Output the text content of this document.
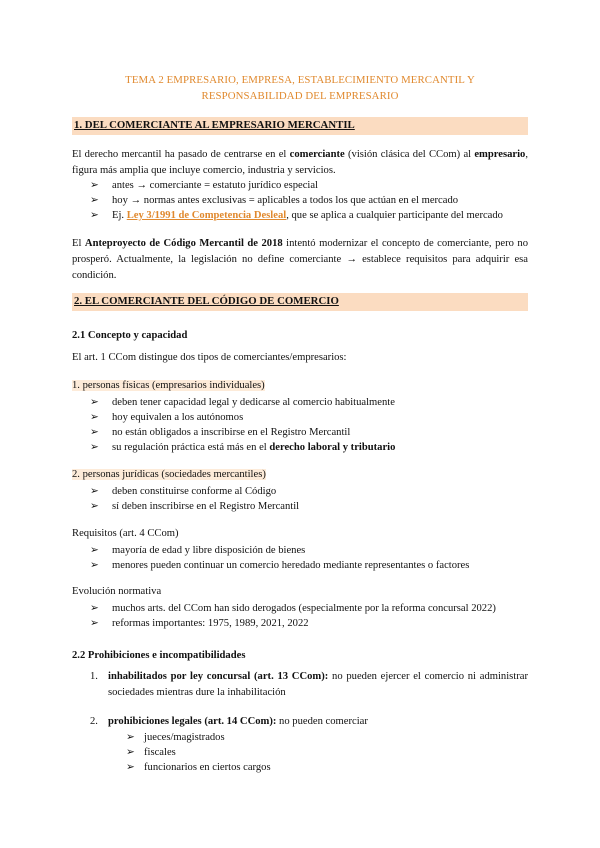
TEMA 2 EMPRESARIO, EMPRESA, ESTABLECIMIENTO MERCANTIL Y
RESPONSABILIDAD DEL EMPRESARIO
1. DEL COMERCIANTE AL EMPRESARIO MERCANTIL
El derecho mercantil ha pasado de centrarse en el comerciante (visión clásica del CCom) al empresario, figura más amplia que incluye comercio, industria y servicios.
➢ antes → comerciante = estatuto jurídico especial
➢ hoy → normas antes exclusivas = aplicables a todos los que actúan en el mercado
➢ Ej. Ley 3/1991 de Competencia Desleal, que se aplica a cualquier participante del mercado
El Anteproyecto de Código Mercantil de 2018 intentó modernizar el concepto de comerciante, pero no prosperó. Actualmente, la legislación no define comerciante → establece requisitos para adquirir esa condición.
2. EL COMERCIANTE DEL CÓDIGO DE COMERCIO
2.1 Concepto y capacidad
El art. 1 CCom distingue dos tipos de comerciantes/empresarios:
1. personas físicas (empresarios individuales)
➢ deben tener capacidad legal y dedicarse al comercio habitualmente
➢ hoy equivalen a los autónomos
➢ no están obligados a inscribirse en el Registro Mercantil
➢ su regulación práctica está más en el derecho laboral y tributario
2. personas jurídicas (sociedades mercantiles)
➢ deben constituirse conforme al Código
➢ sí deben inscribirse en el Registro Mercantil
Requisitos (art. 4 CCom)
➢ mayoría de edad y libre disposición de bienes
➢ menores pueden continuar un comercio heredado mediante representantes o factores
Evolución normativa
➢ muchos arts. del CCom han sido derogados (especialmente por la reforma concursal 2022)
➢ reformas importantes: 1975, 1989, 2021, 2022
2.2 Prohibiciones e incompatibilidades
1. inhabilitados por ley concursal (art. 13 CCom): no pueden ejercer el comercio ni administrar sociedades mientras dure la inhabilitación
2. prohibiciones legales (art. 14 CCom): no pueden comerciar
➢ jueces/magistrados
➢ fiscales
➢ funcionarios en ciertos cargos
